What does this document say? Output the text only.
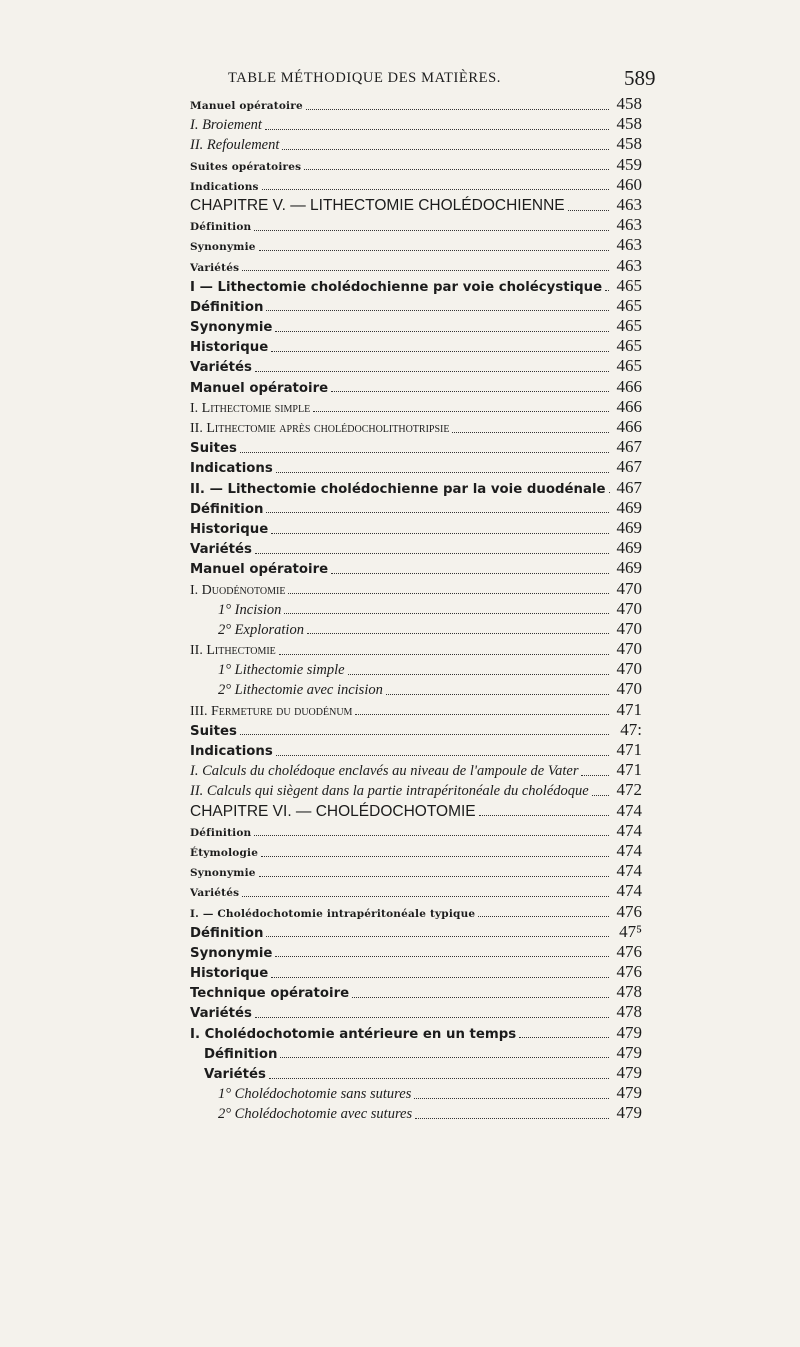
TABLE MÉTHODIQUE DES MATIÈRES.	589
Manuel opératoire	458
I. Broiement	458
II. Refoulement	458
Suites opératoires	459
Indications	460
CHAPITRE V. — LITHECTOMIE CHOLÉDOCHIENNE	463
Définition	463
Synonymie	463
Variétés	463
I — Lithectomie cholédochienne par voie cholécystique 465
Définition	465
Synonymie	465
Historique	465
Variétés	465
Manuel opératoire	466
I. Lithectomie simple	466
II. Lithectomie après cholédocholithotripsie	466
Suites	467
Indications	467
II. — Lithectomie cholédochienne par la voie duodénale 467
Définition	469
Historique	469
Variétés	469
Manuel opératoire	469
I. Duodénotomie	470
1° Incision	470
2° Exploration	470
II. Lithectomie	470
1° Lithectomie simple	470
2° Lithectomie avec incision	470
III. Fermeture du duodénum	471
Suites	47:
Indications	471
I. Calculs du cholédoque enclavés au niveau de l'ampoule de Vater 471
II. Calculs qui siègent dans la partie intrapéritonéale du cholédoque 472
CHAPITRE VI. — CHOLÉDOCHOTOMIE	474
Définition	474
Étymologie	474
Synonymie	474
Variétés	474
I. — Cholédochotomie intrapéritonéale typique	476
Définition	47⁵
Synonymie	476
Historique	476
Technique opératoire	478
Variétés	478
I. Cholédochotomie antérieure en un temps	479
Définition	479
Variétés	479
1° Cholédochotomie sans sutures	479
2° Cholédochotomie avec sutures	479
